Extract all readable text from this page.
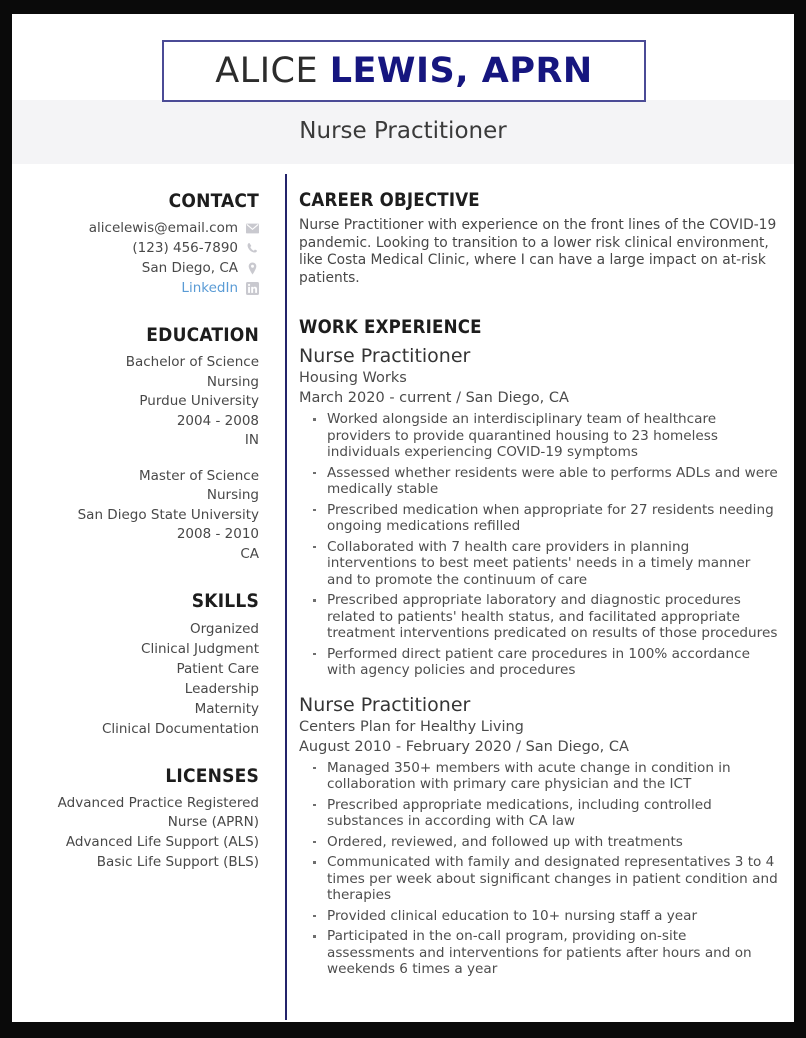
ALICE LEWIS, APRN
Nurse Practitioner
CONTACT
alicelewis@email.com
(123) 456-7890
San Diego, CA
LinkedIn
EDUCATION
Bachelor of Science
Nursing
Purdue University
2004 - 2008
IN
Master of Science
Nursing
San Diego State University
2008 - 2010
CA
SKILLS
Organized
Clinical Judgment
Patient Care
Leadership
Maternity
Clinical Documentation
LICENSES
Advanced Practice Registered Nurse (APRN)
Advanced Life Support (ALS)
Basic Life Support (BLS)
CAREER OBJECTIVE
Nurse Practitioner with experience on the front lines of the COVID-19 pandemic. Looking to transition to a lower risk clinical environment, like Costa Medical Clinic, where I can have a large impact on at-risk patients.
WORK EXPERIENCE
Nurse Practitioner
Housing Works
March 2020 - current / San Diego, CA
Worked alongside an interdisciplinary team of healthcare providers to provide quarantined housing to 23 homeless individuals experiencing COVID-19 symptoms
Assessed whether residents were able to performs ADLs and were medically stable
Prescribed medication when appropriate for 27 residents needing ongoing medications refilled
Collaborated with 7 health care providers in planning interventions to best meet patients' needs in a timely manner and to promote the continuum of care
Prescribed appropriate laboratory and diagnostic procedures related to patients' health status, and facilitated appropriate treatment interventions predicated on results of those procedures
Performed direct patient care procedures in 100% accordance with agency policies and procedures
Nurse Practitioner
Centers Plan for Healthy Living
August 2010 - February 2020 / San Diego, CA
Managed 350+ members with acute change in condition in collaboration with primary care physician and the ICT
Prescribed appropriate medications, including controlled substances in according with CA law
Ordered, reviewed, and followed up with treatments
Communicated with family and designated representatives 3 to 4 times per week about significant changes in patient condition and therapies
Provided clinical education to 10+ nursing staff a year
Participated in the on-call program, providing on-site assessments and interventions for patients after hours and on weekends 6 times a year
